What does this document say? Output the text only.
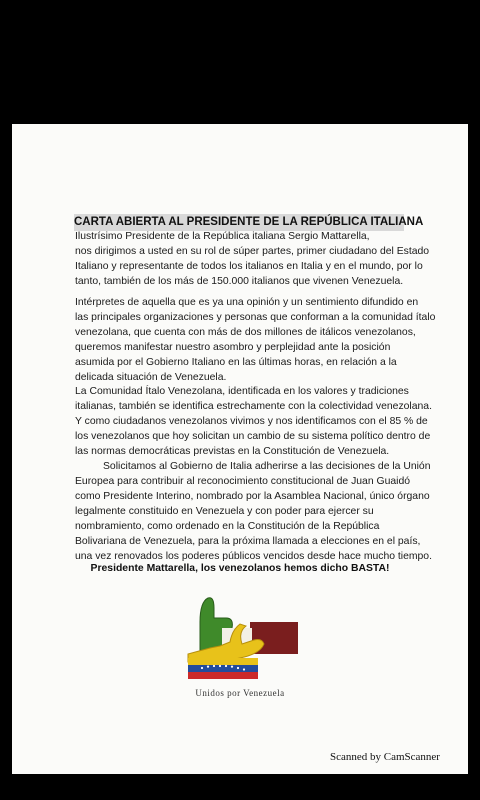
CARTA ABIERTA AL PRESIDENTE DE LA REPÚBLICA ITALIANA
Ilustrísimo Presidente de la República italiana Sergio Mattarella,
nos dirigimos a usted en su rol de súper partes, primer ciudadano del Estado
Italiano y representante de todos los italianos en Italia y en el mundo, por lo
tanto, también de los más de 150.000 italianos que vivenen Venezuela.
Intérpretes de aquella que es ya una opinión y un sentimiento difundido en
las principales organizaciones y personas que conforman a la comunidad ítalo
venezolana, que cuenta con más de dos millones de itálicos venezolanos,
queremos manifestar nuestro asombro y perplejidad ante la posición
asumida por el Gobierno Italiano en las últimas horas, en relación a la
delicada situación de Venezuela.
La Comunidad Ítalo Venezolana, identificada en los valores y tradiciones
italianas, también se identifica estrechamente con la colectividad venezolana.
Y como ciudadanos venezolanos vivimos y nos identificamos con el 85 % de
los venezolanos que hoy solicitan un cambio de su sistema político dentro de
las normas democráticas previstas en la Constitución de Venezuela.
Solicitamos al Gobierno de Italia adherirse a las decisiones de la Unión
Europea para contribuir al reconocimiento constitucional de Juan Guaidó
como Presidente Interino, nombrado por la Asamblea Nacional, único órgano
legalmente constituido en Venezuela y con poder para ejercer su
nombramiento, como ordenado en la Constitución de la República
Bolivariana de Venezuela, para la próxima llamada a elecciones en el país,
una vez renovados los poderes públicos vencidos desde hace mucho tiempo.
Presidente Mattarella, los venezolanos hemos dicho BASTA!
Unidos por Venezuela
Scanned by CamScanner
